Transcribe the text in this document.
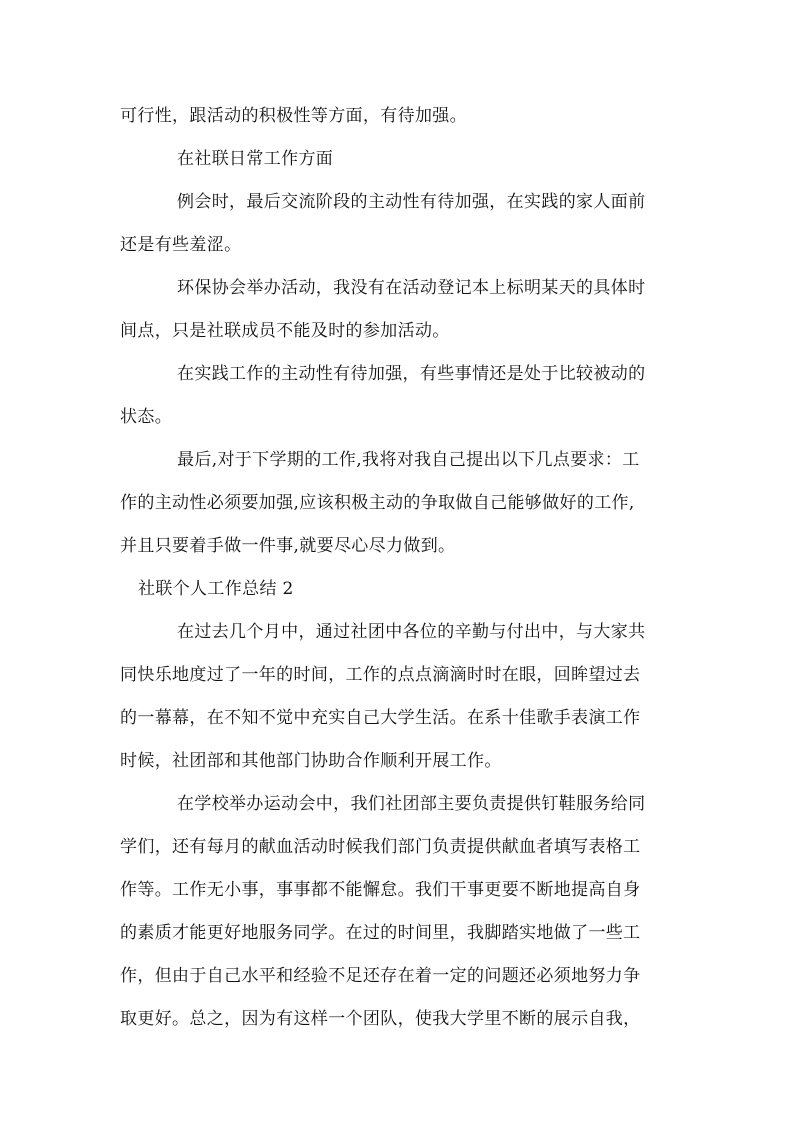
可行性，跟活动的积极性等方面，有待加强。
在社联日常工作方面
例会时，最后交流阶段的主动性有待加强，在实践的家人面前
还是有些羞涩。
环保协会举办活动，我没有在活动登记本上标明某天的具体时
间点，只是社联成员不能及时的参加活动。
在实践工作的主动性有待加强，有些事情还是处于比较被动的
状态。
最后,对于下学期的工作,我将对我自己提出以下几点要求：工
作的主动性必须要加强,应该积极主动的争取做自己能够做好的工作,
并且只要着手做一件事,就要尽心尽力做到。
社联个人工作总结 2
在过去几个月中，通过社团中各位的辛勤与付出中，与大家共
同快乐地度过了一年的时间，工作的点点滴滴时时在眼，回眸望过去
的一幕幕，在不知不觉中充实自己大学生活。在系十佳歌手表演工作
时候，社团部和其他部门协助合作顺利开展工作。
在学校举办运动会中，我们社团部主要负责提供钉鞋服务给同
学们，还有每月的献血活动时候我们部门负责提供献血者填写表格工
作等。工作无小事，事事都不能懈怠。我们干事更要不断地提高自身
的素质才能更好地服务同学。在过的时间里，我脚踏实地做了一些工
作，但由于自己水平和经验不足还存在着一定的问题还必须地努力争
取更好。总之，因为有这样一个团队，使我大学里不断的展示自我，
